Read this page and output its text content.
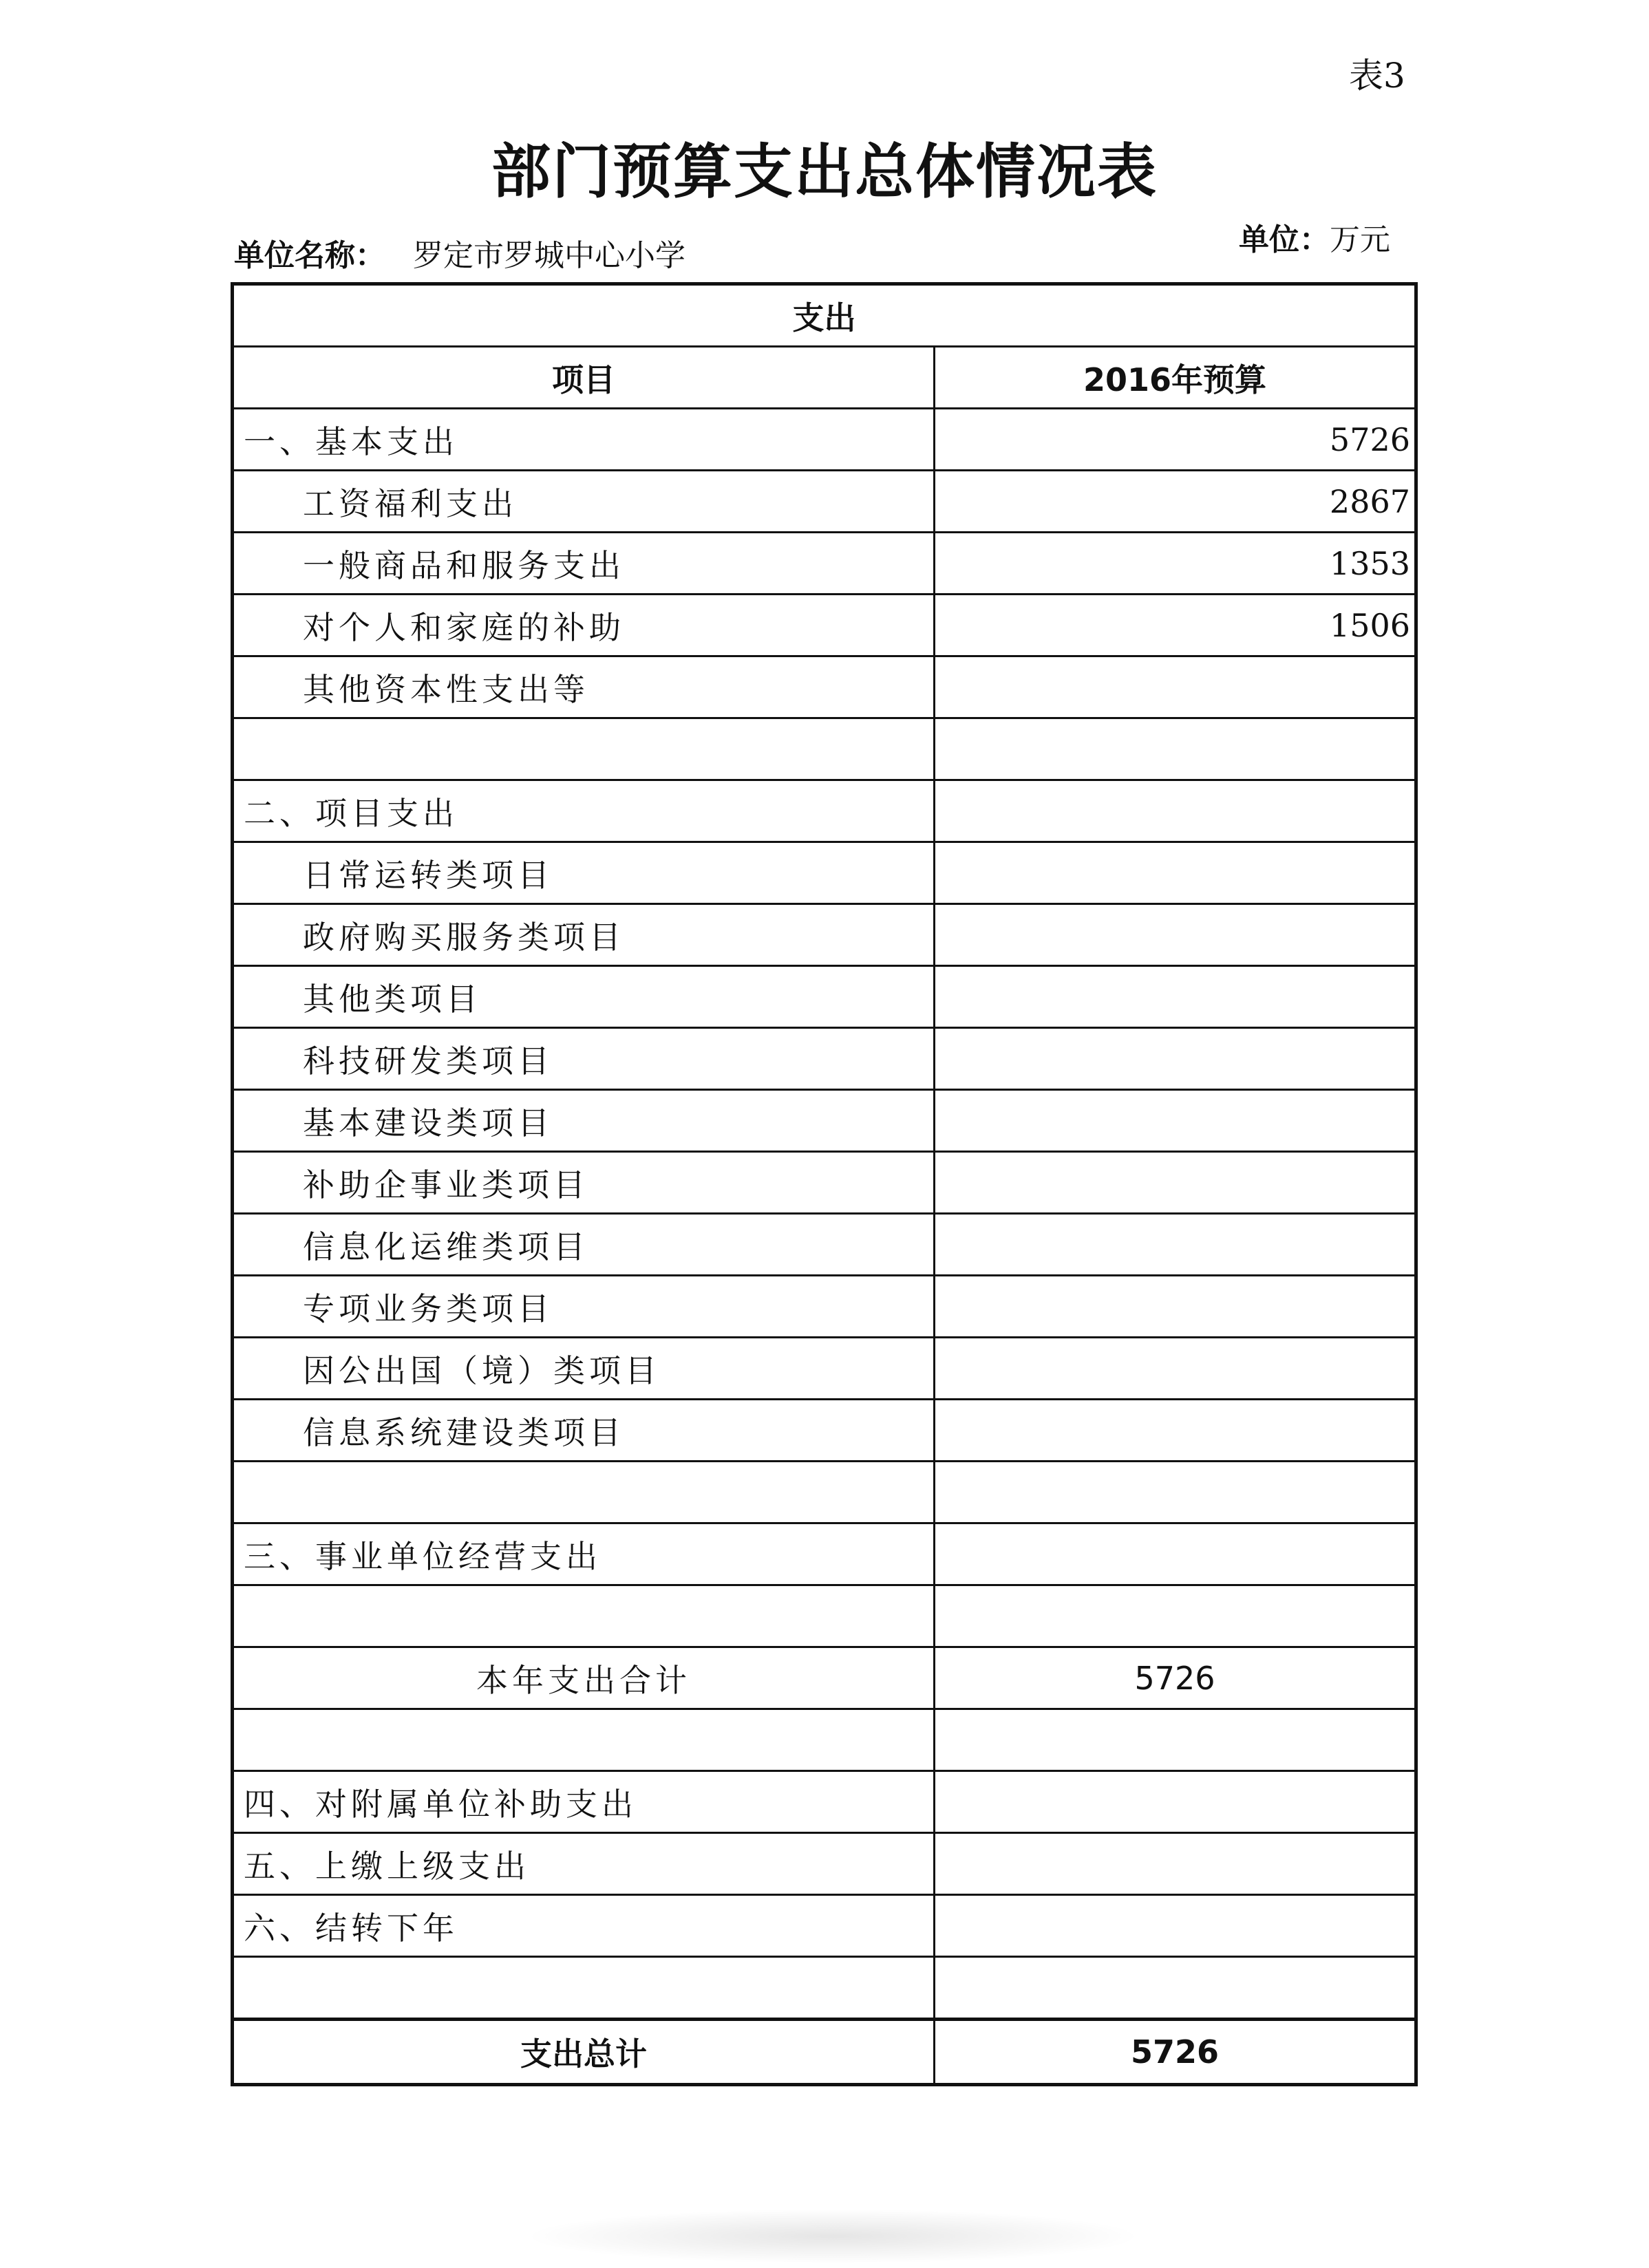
表3
部门预算支出总体情况表
单位名称： 罗定市罗城中心小学	单位：万元
支出	
项目	2016年预算
一、基本支出	5726
工资福利支出	2867
一般商品和服务支出	1353
对个人和家庭的补助	1506
其他资本性支出等	

二、项目支出	
日常运转类项目	
政府购买服务类项目	
其他类项目	
科技研发类项目	
基本建设类项目	
补助企事业类项目	
信息化运维类项目	
专项业务类项目	
因公出国（境）类项目	
信息系统建设类项目	

三、事业单位经营支出	

本年支出合计	5726

四、对附属单位补助支出	
五、上缴上级支出	
六、结转下年	

支出总计	5726
